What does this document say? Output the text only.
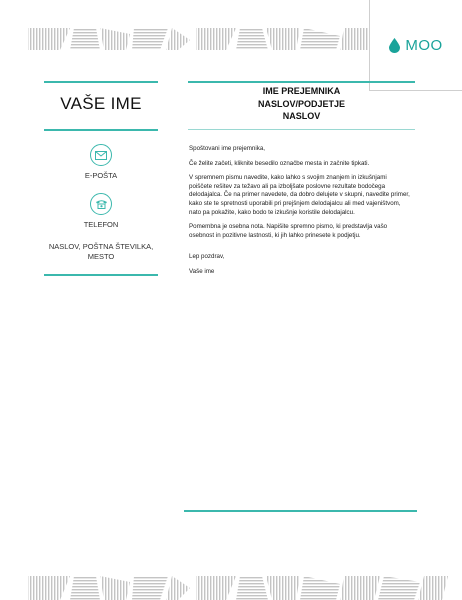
MOO
VAŠE IME
E-POŠTA
TELEFON
NASLOV, POŠTNA ŠTEVILKA,
MESTO
IME PREJEMNIKA
NASLOV/PODJETJE
NASLOV

Spoštovani ime prejemnika,

Če želite začeti, kliknite besedilo označbe mesta in začnite tipkati.

V spremnem pismu navedite, kako lahko s svojim znanjem in izkušnjami poiščete rešitev za težavo ali pa izboljšate poslovne rezultate bodočega delodajalca. Če na primer navedete, da dobro delujete v skupni, navedite primer, kako ste te spretnosti uporabili pri prejšnjem delodajalcu ali med vajeništvom, nato pa pokažite, kako bodo te izkušnje koristile delodajalcu.

Pomembna je osebna nota. Napišite spremno pismo, ki predstavlja vašo osebnost in pozitivne lastnosti, ki jih lahko prinesete k podjetju.

Lep pozdrav,

Vaše ime
